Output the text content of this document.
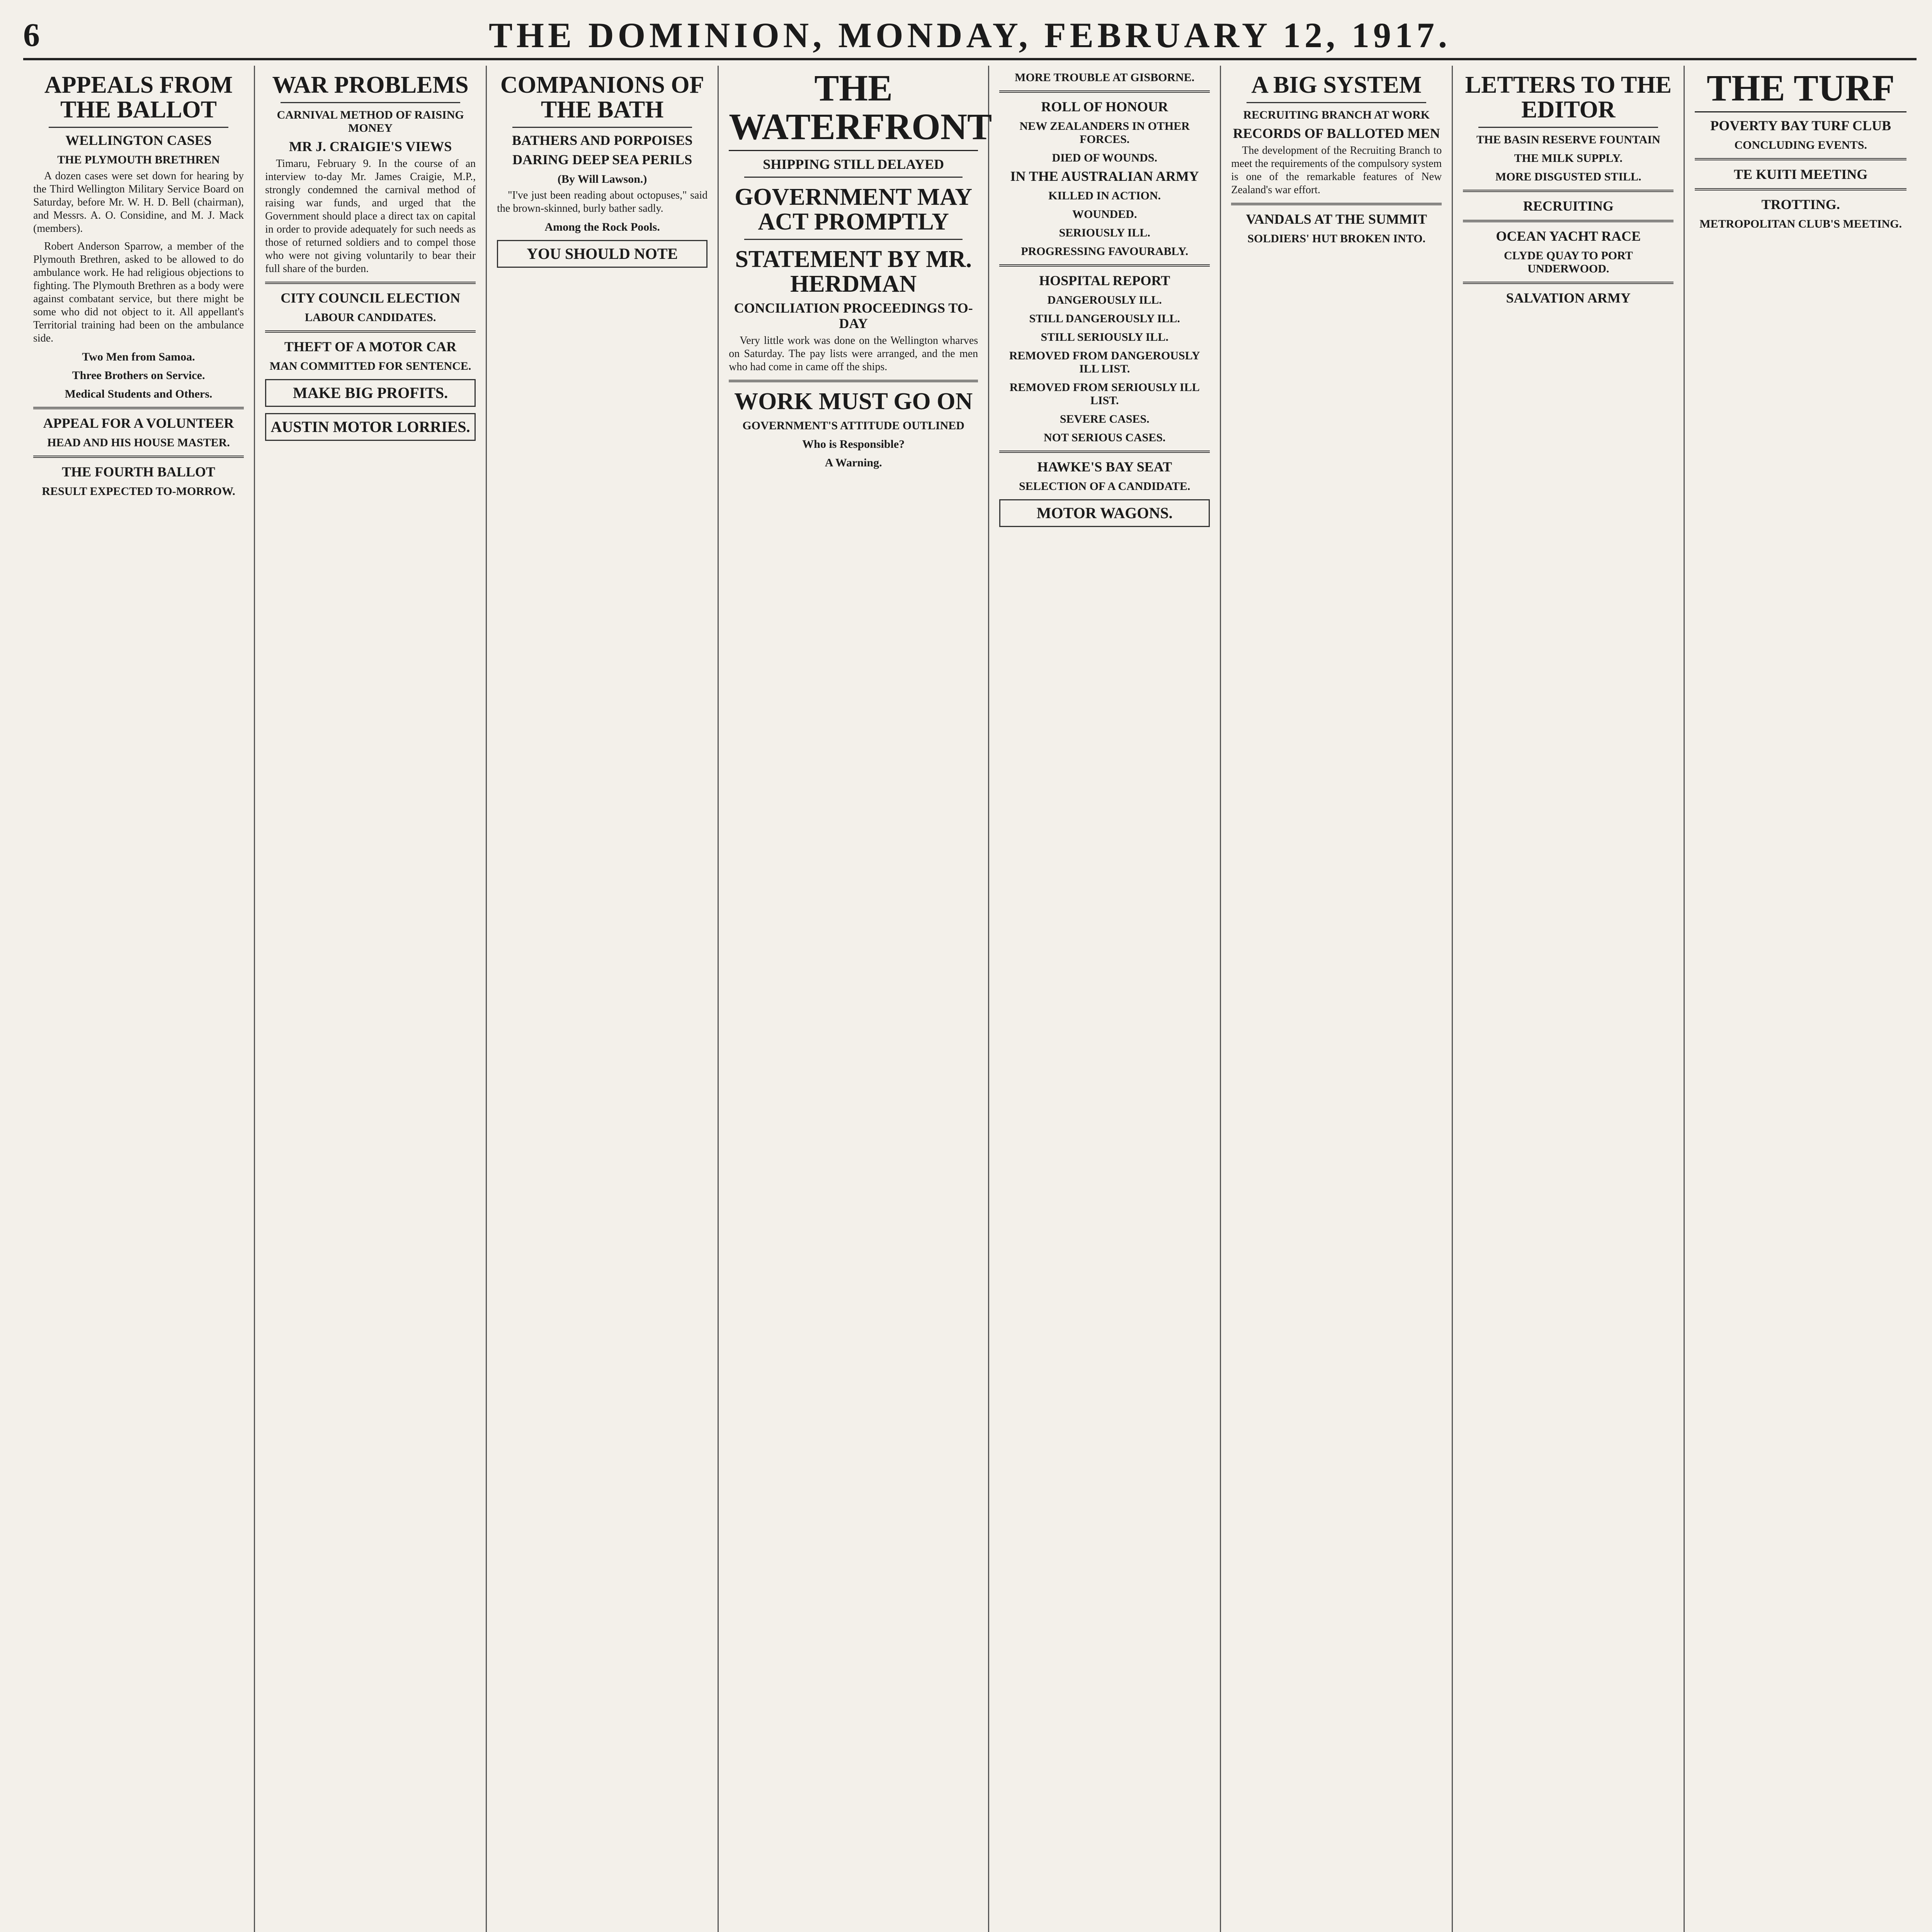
6	THE DOMINION, MONDAY, FEBRUARY 12, 1917.
APPEALS FROM THE BALLOT
WELLINGTON CASES
THE PLYMOUTH BRETHREN

A dozen cases were set down for hearing by the Third Wellington Military Service Board on Saturday, before Mr. W. H. D. Bell (chairman), and Messrs. A. O. Considine, and M. J. Mack (members).

Robert Anderson Sparrow, a member of the Plymouth Brethren, asked to be allowed to do ambulance work. He had religious objections to fighting. The Plymouth Brethren as a body were against combatant service, but there might be some who did not object to it. All appellant's Territorial training had been on the ambulance side.

Two Men from Samoa.
Three Brothers on Service.
Medical Students and Others.
APPEAL FOR A VOLUNTEER
HEAD AND HIS HOUSE MASTER.
THE FOURTH BALLOT
RESULT EXPECTED TO-MORROW.
WAR PROBLEMS
CARNIVAL METHOD OF RAISING MONEY
MR J. CRAIGIE'S VIEWS

Timaru, February 9. In the course of an interview to-day Mr. James Craigie, M.P., strongly condemned the carnival method of raising war funds, and urged that the Government should place a direct tax on capital in order to provide adequately for such needs as those of returned soldiers and to compel those who were not giving voluntarily to bear their full share of the burden.

CITY COUNCIL ELECTION
LABOUR CANDIDATES.
THEFT OF A MOTOR CAR
MAN COMMITTED FOR SENTENCE.
MAKE BIG PROFITS.
AUSTIN MOTOR LORRIES.
COMPANIONS OF THE BATH
BATHERS AND PORPOISES
DARING DEEP SEA PERILS
(By Will Lawson.)

"I've just been reading about octopuses," said the brown-skinned, burly bather sadly.

Among the Rock Pools.
YOU SHOULD NOTE
THE WATERFRONT
SHIPPING STILL DELAYED
GOVERNMENT MAY ACT PROMPTLY
STATEMENT BY MR. HERDMAN
CONCILIATION PROCEEDINGS TO-DAY

Very little work was done on the Wellington wharves on Saturday. The pay lists were arranged, and the men who had come in came off the ships.

WORK MUST GO ON
GOVERNMENT'S ATTITUDE OUTLINED
Who is Responsible?
A Warning.
MORE TROUBLE AT GISBORNE.
ROLL OF HONOUR
NEW ZEALANDERS IN OTHER FORCES.
DIED OF WOUNDS.
IN THE AUSTRALIAN ARMY
KILLED IN ACTION.
WOUNDED.
SERIOUSLY ILL.
PROGRESSING FAVOURABLY.
HOSPITAL REPORT
DANGEROUSLY ILL.
STILL DANGEROUSLY ILL.
STILL SERIOUSLY ILL.
REMOVED FROM DANGEROUSLY ILL LIST.
REMOVED FROM SERIOUSLY ILL LIST.
SEVERE CASES.
NOT SERIOUS CASES.
HAWKE'S BAY SEAT
SELECTION OF A CANDIDATE.
MOTOR WAGONS.
A BIG SYSTEM
RECRUITING BRANCH AT WORK
RECORDS OF BALLOTED MEN

The development of the Recruiting Branch to meet the requirements of the compulsory system is one of the remarkable features of New Zealand's war effort.

VANDALS AT THE SUMMIT
SOLDIERS' HUT BROKEN INTO.
LETTERS TO THE EDITOR
THE BASIN RESERVE FOUNTAIN
THE MILK SUPPLY.
MORE DISGUSTED STILL.
RECRUITING
OCEAN YACHT RACE
CLYDE QUAY TO PORT UNDERWOOD.
SALVATION ARMY
THE TURF
POVERTY BAY TURF CLUB
CONCLUDING EVENTS.
TE KUITI MEETING
TROTTING.
METROPOLITAN CLUB'S MEETING.
